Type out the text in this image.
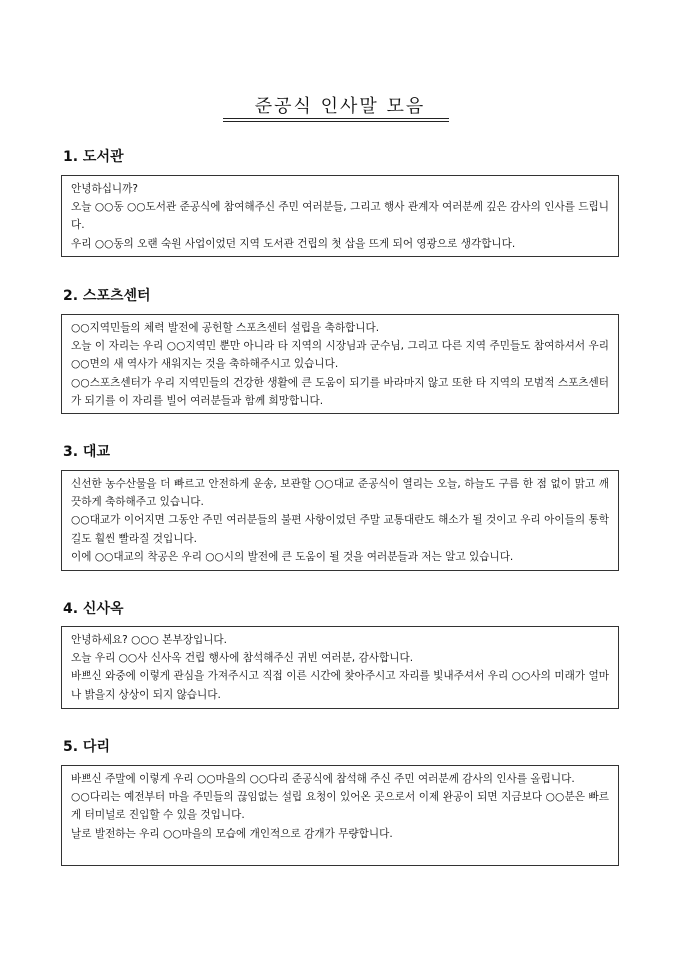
준공식 인사말 모음
1. 도서관

안녕하십니까?

오늘 ○○동 ○○도서관 준공식에 참여해주신 주민 여러분들, 그리고 행사 관계자 여러분께 깊은 감사의 인사를 드립니다.

우리 ○○동의 오랜 숙원 사업이었던 지역 도서관 건립의 첫 삽을 뜨게 되어 영광으로 생각합니다.

2. 스포츠센터

○○지역민들의 체력 발전에 공헌할 스포츠센터 설립을 축하합니다.

오늘 이 자리는 우리 ○○지역민 뿐만 아니라 타 지역의 시장님과 군수님, 그리고 다른 지역 주민들도 참여하셔서 우리 ○○면의 새 역사가 새워지는 것을 축하해주시고 있습니다.

○○스포츠센터가 우리 지역민들의 건강한 생활에 큰 도움이 되기를 바라마지 않고 또한 타 지역의 모범적 스포츠센터가 되기를 이 자리를 빌어 여러분들과 함께 희망합니다.

3. 대교

신선한 농수산물을 더 빠르고 안전하게 운송, 보관할 ○○대교 준공식이 열리는 오늘, 하늘도 구름 한 점 없이 맑고 깨끗하게 축하해주고 있습니다.

○○대교가 이어지면 그동안 주민 여러분들의 불편 사항이었던 주말 교통대란도 해소가 될 것이고 우리 아이들의 통학길도 훨씬 빨라질 것입니다.

이에 ○○대교의 착공은 우리 ○○시의 발전에 큰 도움이 될 것을 여러분들과 저는 알고 있습니다.

4. 신사옥

안녕하세요? ○○○ 본부장입니다.

오늘 우리 ○○사 신사옥 건립 행사에 참석해주신 귀빈 여러분, 감사합니다.

바쁘신 와중에 이렇게 관심을 가져주시고 직접 이른 시간에 찾아주시고 자리를 빛내주셔서 우리 ○○사의 미래가 얼마나 밝을지 상상이 되지 않습니다.

5. 다리

바쁘신 주말에 이렇게 우리 ○○마을의 ○○다리 준공식에 참석해 주신 주민 여러분께 감사의 인사를 올립니다.

○○다리는 예전부터 마을 주민들의 끊임없는 설립 요청이 있어온 곳으로서 이제 완공이 되면 지금보다 ○○분은 빠르게 터미널로 진입할 수 있을 것입니다.

날로 발전하는 우리 ○○마을의 모습에 개인적으로 감개가 무량합니다.
